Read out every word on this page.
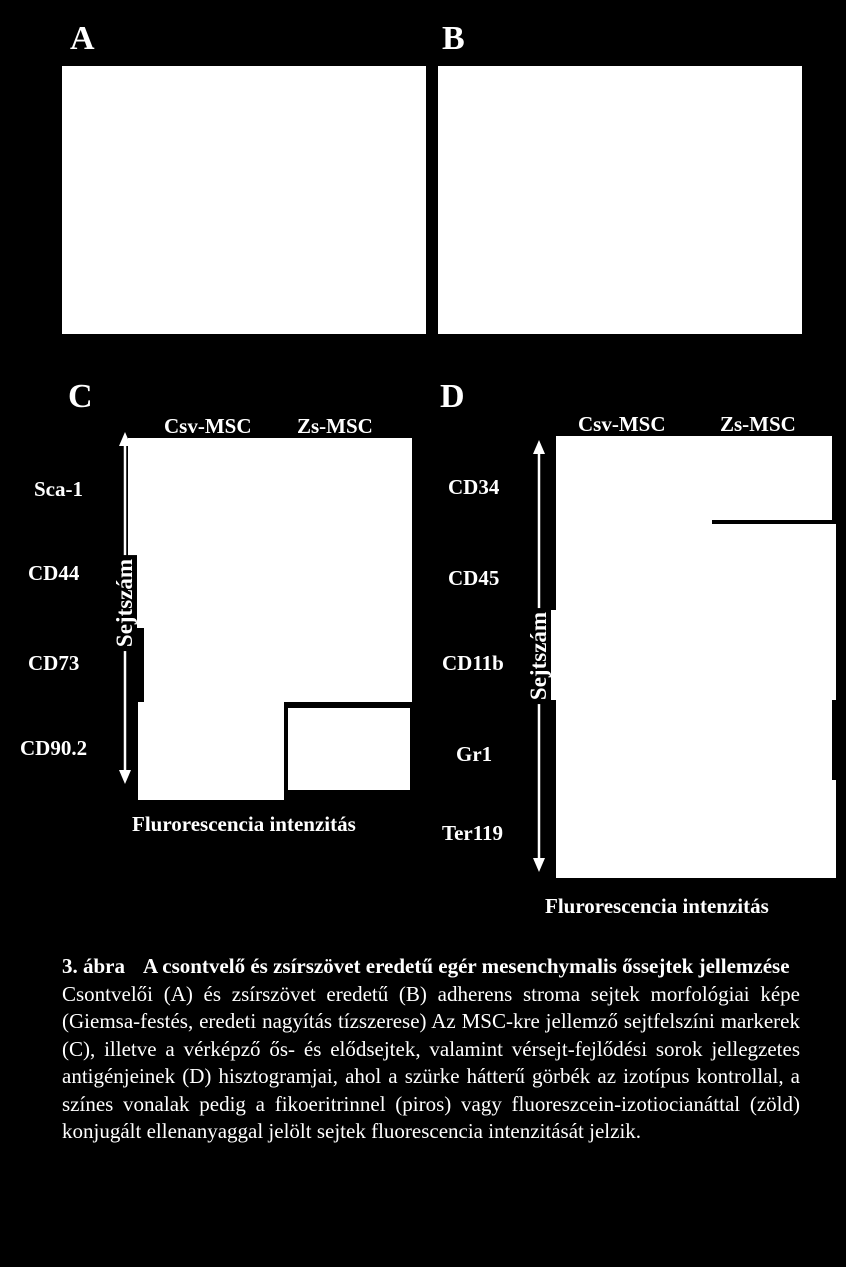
A	B
C
Csv-MSC Zs-MSC
Sca-1
CD44
CD73
CD90.2
Sejtszám
Flurorescencia intenzitás
D
Csv-MSC	Zs-MSC
CD34
CD45
CD11b
Gr1
Ter119
Sejtszám
Flurorescencia intenzitás
3. ábra A csontvelő és zsírszövet eredetű egér mesenchymalis őssejtek jellemzése
Csontvelői (A) és zsírszövet eredetű (B) adherens stroma sejtek morfológiai képe (Giemsa-festés, eredeti nagyítás tízszerese) Az MSC-kre jellemző sejtfelszíni markerek (C), illetve a vérképző ős- és elődsejtek, valamint vérsejt-fejlődési sorok jellegzetes antigénjeinek (D) hisztogramjai, ahol a szürke hátterű görbék az izotípus kontrollal, a színes vonalak pedig a fikoeritrinnel (piros) vagy fluoreszcein-izotiocianáttal (zöld) konjugált ellenanyaggal jelölt sejtek fluorescencia intenzitását jelzik.
